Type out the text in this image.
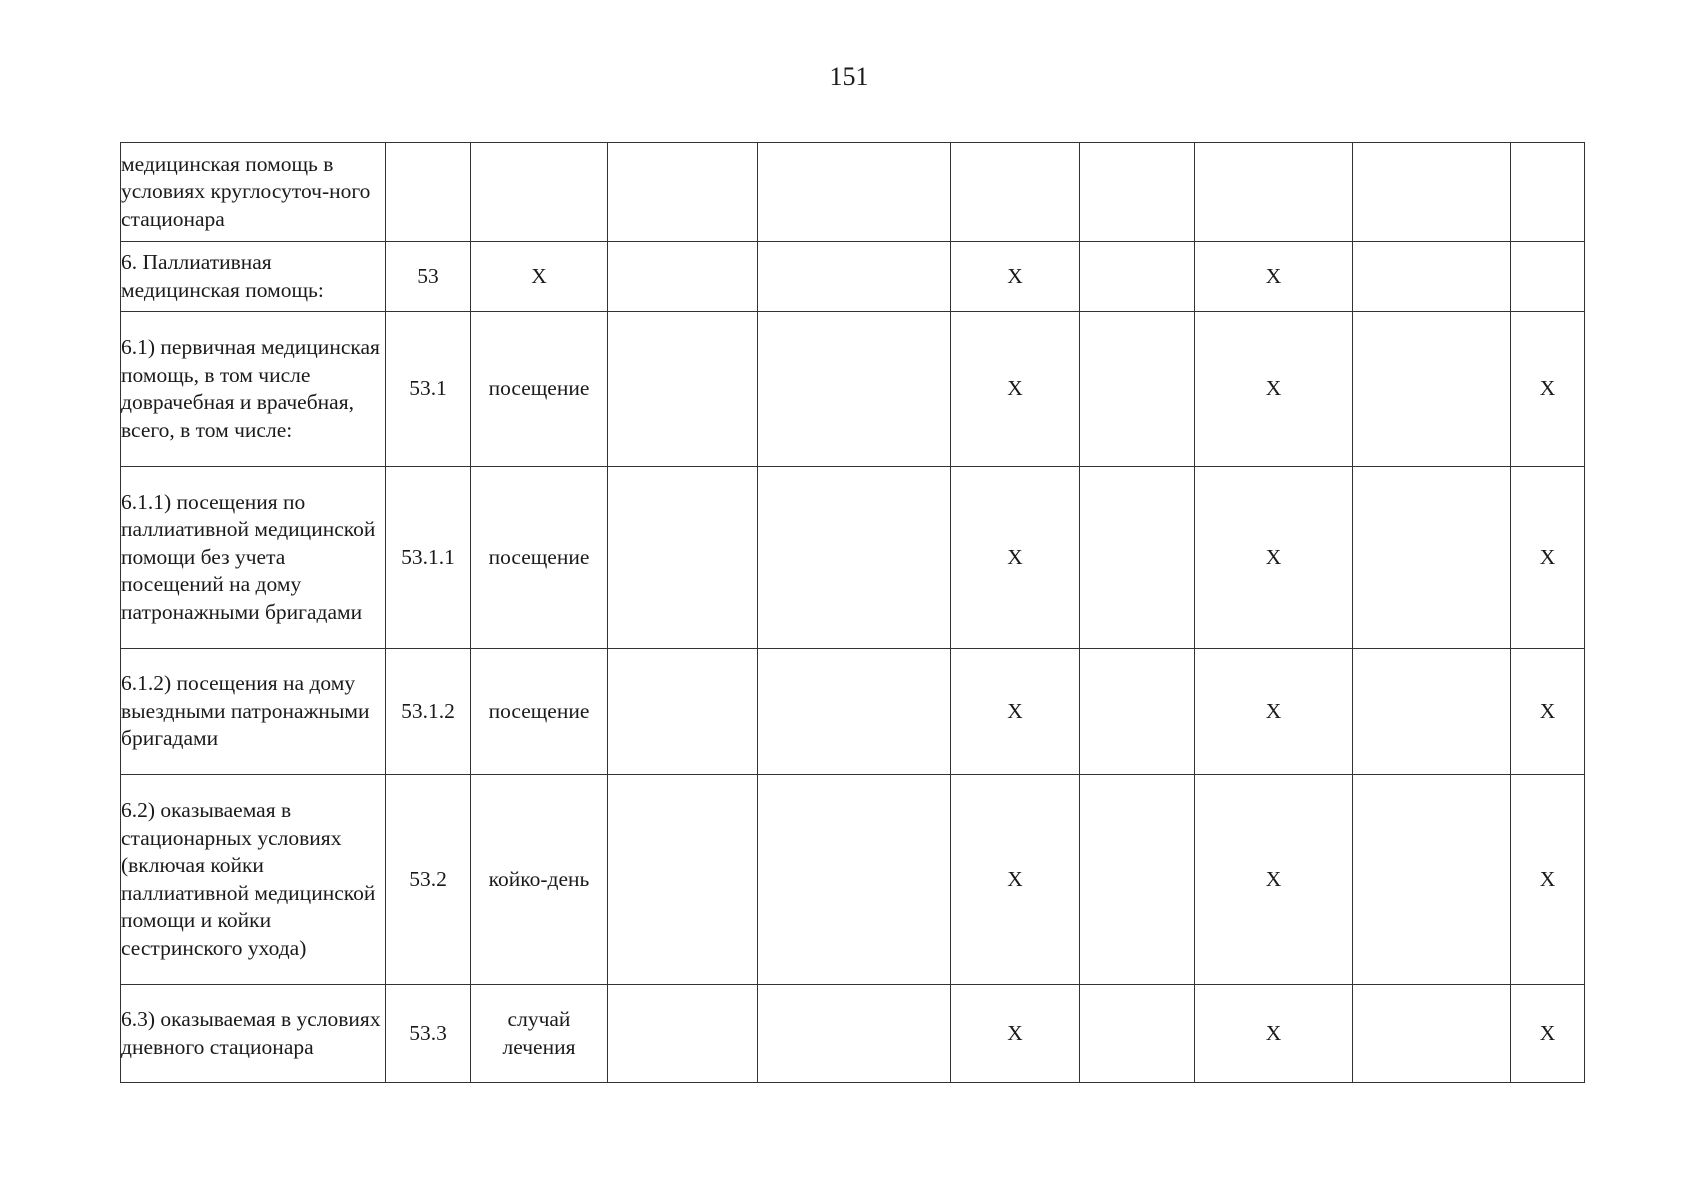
151
медицинская помощь в условиях круглосуточ-ного стационара									
6. Паллиативная медицинская помощь:	53	Х			Х		Х		
6.1) первичная медицинская помощь, в том числе доврачебная и врачебная, всего, в том числе:	53.1	посещение			Х		Х		Х
6.1.1) посещения по паллиативной медицинской помощи без учета посещений на дому патронажными бригадами	53.1.1	посещение			Х		Х		Х
6.1.2) посещения на дому выездными патронажными бригадами	53.1.2	посещение			Х		Х		Х
6.2) оказываемая в стационарных условиях (включая койки паллиативной медицинской помощи и койки сестринского ухода)	53.2	койко-день			Х		Х		Х
6.3) оказываемая в условиях дневного стационара	53.3	случай лечения			Х		Х		Х
